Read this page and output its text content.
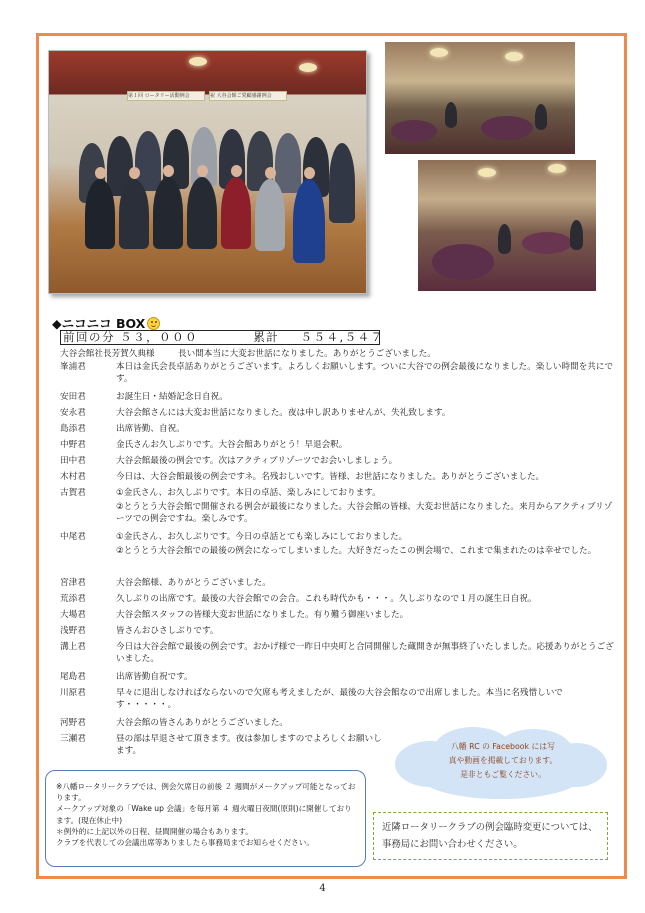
第１回 ロータリー活動例会	祝 大谷会館ご愛顧感謝例会
◆ニコニコ BOX
前回の分 ５３，０００	累計 ５５４,５４７
大谷会館社長芳賀久典様	長い間本当に大変お世話になりました。ありがとうございました。
峯浦君	本日は金氏会長卓話ありがとうございます。よろしくお願いします。ついに大谷での例会最後になりました。楽しい時間を共にです。
安田君	お誕生日・結婚記念日自祝。
安永君	大谷会館さんには大変お世話になりました。夜は申し訳ありませんが、失礼致します。
島添君	出席皆勤、自祝。
中野君	金氏さんお久しぶりです。大谷会館ありがとう！早退会釈。
田中君	大谷会館最後の例会です。次はアクティブリゾーツでお会いしましょう。
木村君	今日は、大谷会館最後の例会ですネ。名残おしいです。皆様、お世話になりました。ありがとうございました。
古賀君	①金氏さん、お久しぶりです。本日の卓話、楽しみにしております。
②とうとう大谷会館で開催される例会が最後になりました。大谷会館の皆様、大変お世話になりました。来月からアクティブリゾーツでの例会ですね。楽しみです。
中尾君	①金氏さん、お久しぶりです。今日の卓話とても楽しみにしておりました。
②とうとう大谷会館での最後の例会になってしまいました。大好きだったこの例会場で、これまで集まれたのは幸せでした。
宮津君	大谷会館様、ありがとうございました。
荒添君	久しぶりの出席です。最後の大谷会館での会合。これも時代かも・・・。久しぶりなので１月の誕生日自祝。
大場君	大谷会館スタッフの皆様大変お世話になりました。有り難う御座いました。
浅野君	皆さんおひさしぶりです。
溝上君	今日は大谷会館で最後の例会です。おかげ様で一昨日中央町と合同開催した蔵開きが無事終了いたしました。応援ありがとうございました。
尾島君	出席皆勤自祝です。
川原君	早々に退出しなければならないので欠席も考えましたが、最後の大谷会館なので出席しました。本当に名残惜しいです・・・・・。
河野君	大谷会館の皆さんありがとうございました。
三瀬君	昼の部は早退させて頂きます。夜は参加しますのでよろしくお願いします。	八幡 RC の Facebook には写
真や動画を掲載しております。
是非ともご覧ください。

※八幡ロータリークラブでは、例会欠席日の前後 ２ 週間がメークアップ可能となっております。

メークアップ対象の「Wake up 会議」を毎月第 ４ 週火曜日夜間(原則)に開催しております。(現在休止中)

＊例外的に上記以外の日程、昼間開催の場合もあります。

クラブを代表しての会議出席等ありましたら事務局までお知らせください。

近隣ロータリークラブの例会臨時変更については、事務局にお問い合わせください。
4
